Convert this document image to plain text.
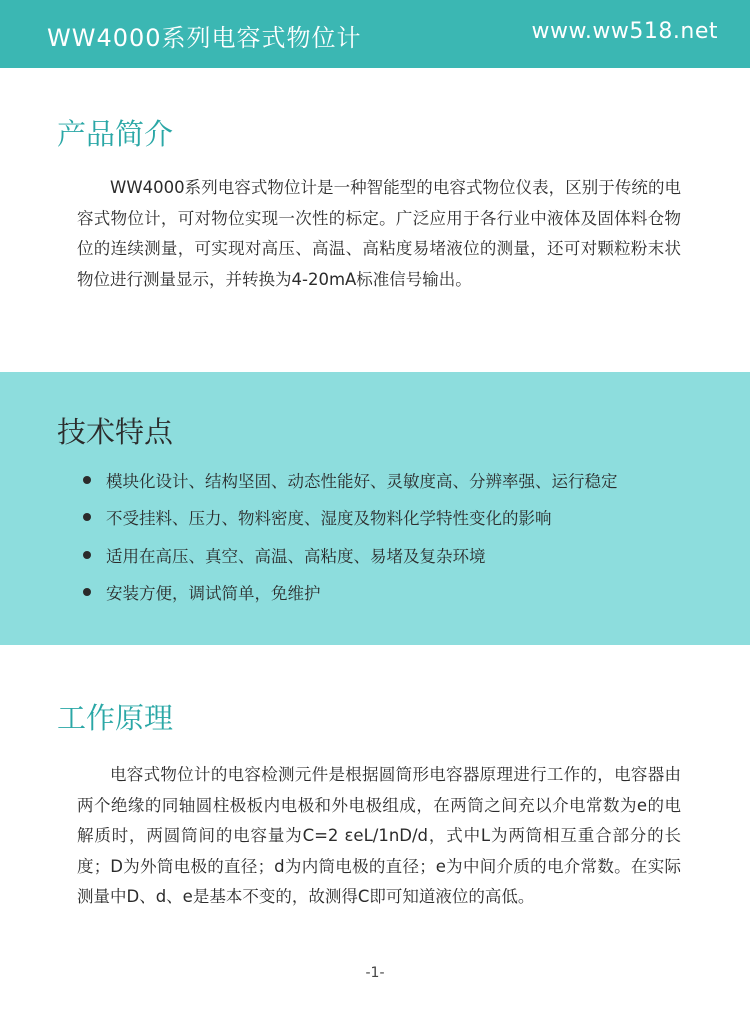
WW4000系列电容式物位计	www.ww518.net
产品简介

WW4000系列电容式物位计是一种智能型的电容式物位仪表，区别于传统的电容式物位计，可对物位实现一次性的标定。广泛应用于各行业中液体及固体料仓物位的连续测量，可实现对高压、高温、高粘度易堵液位的测量，还可对颗粒粉末状物位进行测量显示，并转换为4-20mA标准信号输出。

技术特点
模块化设计、结构坚固、动态性能好、灵敏度高、分辨率强、运行稳定
不受挂料、压力、物料密度、湿度及物料化学特性变化的影响
适用在高压、真空、高温、高粘度、易堵及复杂环境
安装方便，调试简单，免维护
工作原理

电容式物位计的电容检测元件是根据圆筒形电容器原理进行工作的，电容器由两个绝缘的同轴圆柱极板内电极和外电极组成，在两筒之间充以介电常数为e的电解质时，两圆筒间的电容量为C=2 εeL/1nD/d，式中L为两筒相互重合部分的长度；D为外筒电极的直径；d为内筒电极的直径；e为中间介质的电介常数。在实际测量中D、d、e是基本不变的，故测得C即可知道液位的高低。

-1-
